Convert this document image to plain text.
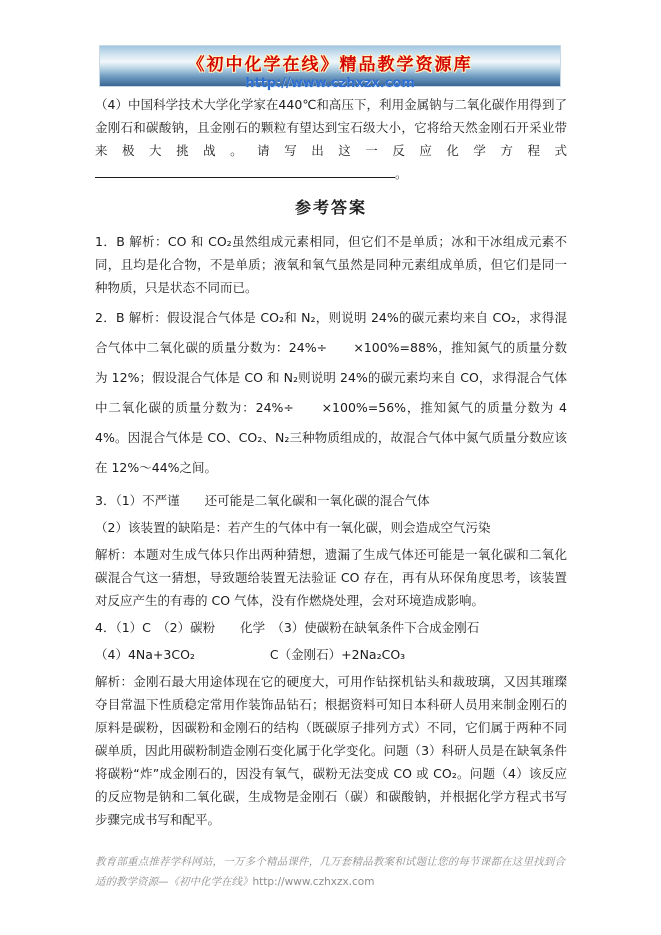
《初中化学在线》精品教学资源库
http://www.czhxzx.com

（4）中国科学技术大学化学家在440℃和高压下，利用金属钠与二氧化碳作用得到了金刚石和碳酸钠，且金刚石的颗粒有望达到宝石级大小，它将给天然金刚石开采业带来极大挑战。请写出这一反应化学方程式。

参考答案

1．B 解析：CO 和 CO₂虽然组成元素相同，但它们不是单质；冰和干冰组成元素不同，且均是化合物，不是单质；液氧和氧气虽然是同种元素组成单质，但它们是同一种物质，只是状态不同而已。

2．B 解析：假设混合气体是 CO₂和 N₂，则说明 24%的碳元素均来自 CO₂，求得混合气体中二氧化碳的质量分数为：24%÷　　×100%=88%，推知氮气的质量分数为 12%；假设混合气体是 CO 和 N₂则说明 24%的碳元素均来自 CO，求得混合气体中二氧化碳的质量分数为：24%÷　　×100%=56%，推知氮气的质量分数为 44%。因混合气体是 CO、CO₂、N₂三种物质组成的，故混合气体中氮气质量分数应该在 12%～44%之间。

3．（1）不严谨　　还可能是二氧化碳和一氧化碳的混合气体

（2）该装置的缺陷是：若产生的气体中有一氧化碳，则会造成空气污染

解析：本题对生成气体只作出两种猜想，遗漏了生成气体还可能是一氧化碳和二氧化碳混合气这一猜想，导致题给装置无法验证 CO 存在，再有从环保角度思考，该装置对反应产生的有毒的 CO 气体，没有作燃烧处理，会对环境造成影响。

4．（1）C　（2）碳粉　　化学　（3）使碳粉在缺氧条件下合成金刚石

（4）4Na+3CO₂　　　　　　C（金刚石）+2Na₂CO₃

解析：金刚石最大用途体现在它的硬度大，可用作钻探机钻头和裁玻璃，又因其璀璨夺目常温下性质稳定常用作装饰品钻石；根据资料可知日本科研人员用来制金刚石的原料是碳粉，因碳粉和金刚石的结构（既碳原子排列方式）不同，它们属于两种不同碳单质，因此用碳粉制造金刚石变化属于化学变化。问题（3）科研人员是在缺氧条件将碳粉“炸”成金刚石的，因没有氧气，碳粉无法变成 CO 或 CO₂。问题（4）该反应的反应物是钠和二氧化碳，生成物是金刚石（碳）和碳酸钠，并根据化学方程式书写步骤完成书写和配平。

教育部重点推荐学科网站，一万多个精品课件，几万套精品教案和试题让您的每节课都在这里找到合适的教学资源—《初中化学在线》http://www.czhxzx.com
